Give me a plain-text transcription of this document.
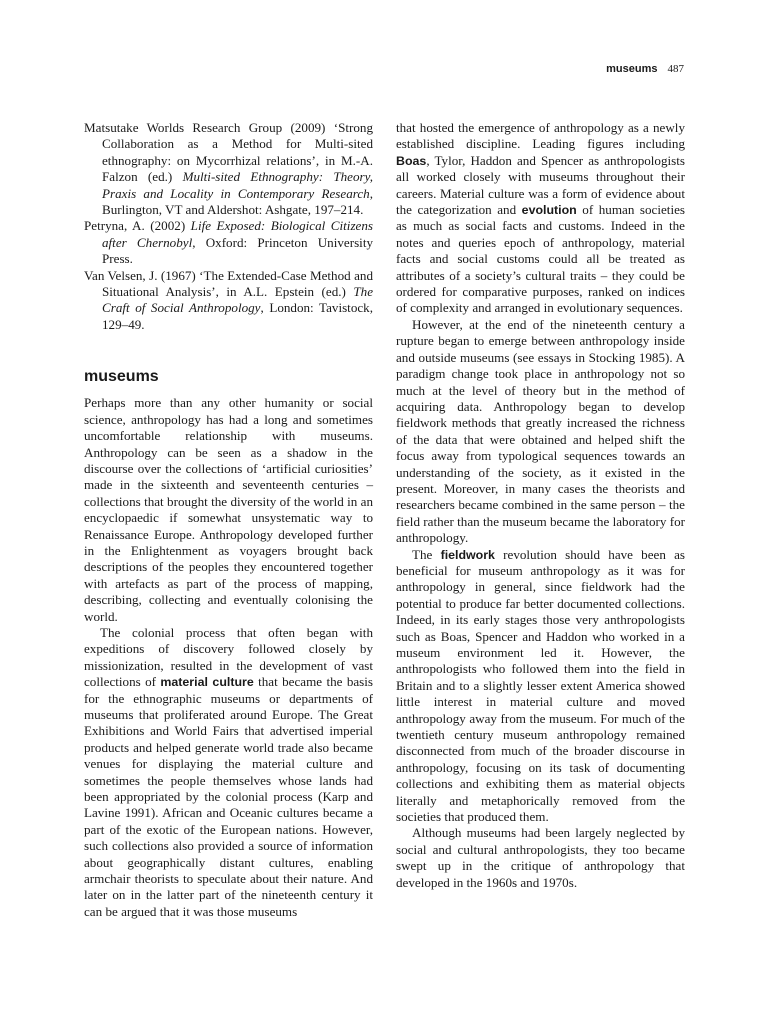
museums 487

Matsutake Worlds Research Group (2009) ‘Strong Collaboration as a Method for Multi-sited ethnography: on Mycorrhizal relations’, in M.-A. Falzon (ed.) Multi-sited Ethnography: Theory, Praxis and Locality in Contemporary Research, Burlington, VT and Aldershot: Ashgate, 197–214.

Petryna, A. (2002) Life Exposed: Biological Citizens after Chernobyl, Oxford: Princeton University Press.

Van Velsen, J. (1967) ‘The Extended-Case Method and Situational Analysis’, in A.L. Epstein (ed.) The Craft of Social Anthropology, London: Tavistock, 129–49.

museums

Perhaps more than any other humanity or social science, anthropology has had a long and sometimes uncomfortable relationship with museums. Anthropology can be seen as a shadow in the discourse over the collections of ‘artificial curiosities’ made in the sixteenth and seventeenth centuries – collections that brought the diversity of the world in an encyclopaedic if somewhat unsystematic way to Renaissance Europe. Anthropology developed further in the Enlightenment as voyagers brought back descriptions of the peoples they encountered together with artefacts as part of the process of mapping, describing, collecting and eventually colonising the world.

The colonial process that often began with expeditions of discovery followed closely by missionization, resulted in the development of vast collections of material culture that became the basis for the ethnographic museums or departments of museums that proliferated around Europe. The Great Exhibitions and World Fairs that advertised imperial products and helped generate world trade also became venues for displaying the material culture and sometimes the people themselves whose lands had been appropriated by the colonial process (Karp and Lavine 1991). African and Oceanic cultures became a part of the exotic of the European nations. However, such collections also provided a source of information about geographically distant cultures, enabling armchair theorists to speculate about their nature. And later on in the latter part of the nineteenth century it can be argued that it was those museums

that hosted the emergence of anthropology as a newly established discipline. Leading figures including Boas, Tylor, Haddon and Spencer as anthropologists all worked closely with museums throughout their careers. Material culture was a form of evidence about the categorization and evolution of human societies as much as social facts and customs. Indeed in the notes and queries epoch of anthropology, material facts and social customs could all be treated as attributes of a society’s cultural traits – they could be ordered for comparative purposes, ranked on indices of complexity and arranged in evolutionary sequences.

However, at the end of the nineteenth century a rupture began to emerge between anthropology inside and outside museums (see essays in Stocking 1985). A paradigm change took place in anthropology not so much at the level of theory but in the method of acquiring data. Anthropology began to develop fieldwork methods that greatly increased the richness of the data that were obtained and helped shift the focus away from typological sequences towards an understanding of the society, as it existed in the present. Moreover, in many cases the theorists and researchers became combined in the same person – the field rather than the museum became the laboratory for anthropology.

The fieldwork revolution should have been as beneficial for museum anthropology as it was for anthropology in general, since fieldwork had the potential to produce far better documented collections. Indeed, in its early stages those very anthropologists such as Boas, Spencer and Haddon who worked in a museum environment led it. However, the anthropologists who followed them into the field in Britain and to a slightly lesser extent America showed little interest in material culture and moved anthropology away from the museum. For much of the twentieth century museum anthropology remained disconnected from much of the broader discourse in anthropology, focusing on its task of documenting collections and exhibiting them as material objects literally and metaphorically removed from the societies that produced them.

Although museums had been largely neglected by social and cultural anthropologists, they too became swept up in the critique of anthropology that developed in the 1960s and 1970s.
